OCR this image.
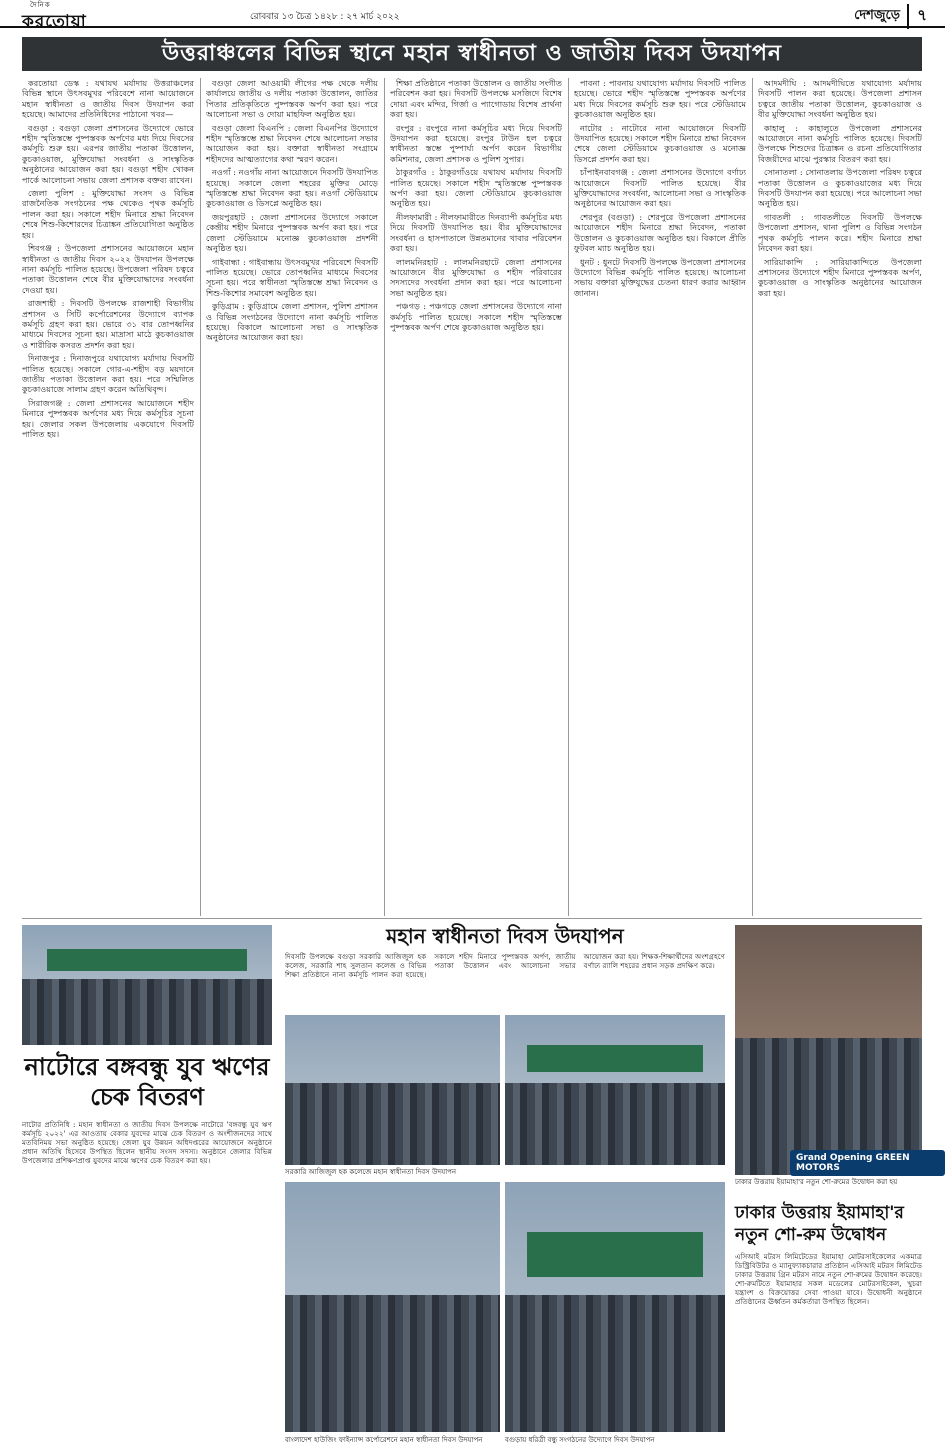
দৈনিক
করতোয়া	রোববার ১৩ চৈত্র ১৪২৮ : ২৭ মার্চ ২০২২	দেশজুড়ে	৭
উত্তরাঞ্চলের বিভিন্ন স্থানে মহান স্বাধীনতা ও জাতীয় দিবস উদযাপন

করতোয়া ডেস্ক : যথাযথ মর্যাদায় উত্তরাঞ্চলের বিভিন্ন স্থানে উৎসবমুখর পরিবেশে নানা আয়োজনে মহান স্বাধীনতা ও জাতীয় দিবস উদযাপন করা হয়েছে। আমাদের প্রতিনিধিদের পাঠানো খবর—

বগুড়া : বগুড়া জেলা প্রশাসনের উদ্যোগে ভোরে শহীদ স্মৃতিস্তম্ভে পুষ্পস্তবক অর্পণের মধ্য দিয়ে দিবসের কর্মসূচি শুরু হয়। এরপর জাতীয় পতাকা উত্তোলন, কুচকাওয়াজ, মুক্তিযোদ্ধা সংবর্ধনা ও সাংস্কৃতিক অনুষ্ঠানের আয়োজন করা হয়। বগুড়া শহীদ খোকন পার্কে আলোচনা সভায় জেলা প্রশাসক বক্তব্য রাখেন।

জেলা পুলিশ : মুক্তিযোদ্ধা সংসদ ও বিভিন্ন রাজনৈতিক সংগঠনের পক্ষ থেকেও পৃথক কর্মসূচি পালন করা হয়। সকালে শহীদ মিনারে শ্রদ্ধা নিবেদন শেষে শিশু-কিশোরদের চিত্রাঙ্কন প্রতিযোগিতা অনুষ্ঠিত হয়।

শিবগঞ্জ : উপজেলা প্রশাসনের আয়োজনে মহান স্বাধীনতা ও জাতীয় দিবস ২০২২ উদযাপন উপলক্ষে নানা কর্মসূচি পালিত হয়েছে। উপজেলা পরিষদ চত্বরে পতাকা উত্তোলন শেষে বীর মুক্তিযোদ্ধাদের সংবর্ধনা দেওয়া হয়।

রাজশাহী : দিবসটি উপলক্ষে রাজশাহী বিভাগীয় প্রশাসন ও সিটি কর্পোরেশনের উদ্যোগে ব্যাপক কর্মসূচি গ্রহণ করা হয়। ভোরে ৩১ বার তোপধ্বনির মাধ্যমে দিবসের সূচনা হয়। মাদ্রাসা মাঠে কুচকাওয়াজ ও শারীরিক কসরত প্রদর্শন করা হয়।

দিনাজপুর : দিনাজপুরে যথাযোগ্য মর্যাদায় দিবসটি পালিত হয়েছে। সকালে গোর-এ-শহীদ বড় ময়দানে জাতীয় পতাকা উত্তোলন করা হয়। পরে সম্মিলিত কুচকাওয়াজে সালাম গ্রহণ করেন অতিথিবৃন্দ।

সিরাজগঞ্জ : জেলা প্রশাসনের আয়োজনে শহীদ মিনারে পুষ্পস্তবক অর্পণের মধ্য দিয়ে কর্মসূচির সূচনা হয়। জেলার সকল উপজেলায় একযোগে দিবসটি পালিত হয়।

বগুড়া জেলা আওয়ামী লীগের পক্ষ থেকে দলীয় কার্যালয়ে জাতীয় ও দলীয় পতাকা উত্তোলন, জাতির পিতার প্রতিকৃতিতে পুষ্পস্তবক অর্পণ করা হয়। পরে আলোচনা সভা ও দোয়া মাহফিল অনুষ্ঠিত হয়।

বগুড়া জেলা বিএনপি : জেলা বিএনপির উদ্যোগে শহীদ স্মৃতিস্তম্ভে শ্রদ্ধা নিবেদন শেষে আলোচনা সভার আয়োজন করা হয়। বক্তারা স্বাধীনতা সংগ্রামে শহীদদের আত্মত্যাগের কথা স্মরণ করেন।

নওগাঁ : নওগাঁয় নানা আয়োজনে দিবসটি উদযাপিত হয়েছে। সকালে জেলা শহরের মুক্তির মোড়ে স্মৃতিস্তম্ভে শ্রদ্ধা নিবেদন করা হয়। নওগাঁ স্টেডিয়ামে কুচকাওয়াজ ও ডিসপ্লে অনুষ্ঠিত হয়।

জয়পুরহাট : জেলা প্রশাসনের উদ্যোগে সকালে কেন্দ্রীয় শহীদ মিনারে পুষ্পস্তবক অর্পণ করা হয়। পরে জেলা স্টেডিয়ামে মনোজ্ঞ কুচকাওয়াজ প্রদর্শনী অনুষ্ঠিত হয়।

গাইবান্ধা : গাইবান্ধায় উৎসবমুখর পরিবেশে দিবসটি পালিত হয়েছে। ভোরে তোপধ্বনির মাধ্যমে দিবসের সূচনা হয়। পরে স্বাধীনতা স্মৃতিস্তম্ভে শ্রদ্ধা নিবেদন ও শিশু-কিশোর সমাবেশ অনুষ্ঠিত হয়।

কুড়িগ্রাম : কুড়িগ্রামে জেলা প্রশাসন, পুলিশ প্রশাসন ও বিভিন্ন সংগঠনের উদ্যোগে নানা কর্মসূচি পালিত হয়েছে। বিকালে আলোচনা সভা ও সাংস্কৃতিক অনুষ্ঠানের আয়োজন করা হয়।

শিক্ষা প্রতিষ্ঠানে পতাকা উত্তোলন ও জাতীয় সংগীত পরিবেশন করা হয়। দিবসটি উপলক্ষে মসজিদে বিশেষ দোয়া এবং মন্দির, গির্জা ও প্যাগোডায় বিশেষ প্রার্থনা করা হয়।

রংপুর : রংপুরে নানা কর্মসূচির মধ্য দিয়ে দিবসটি উদযাপন করা হয়েছে। রংপুর টাউন হল চত্বরে স্বাধীনতা স্তম্ভে পুষ্পার্ঘ্য অর্পণ করেন বিভাগীয় কমিশনার, জেলা প্রশাসক ও পুলিশ সুপার।

ঠাকুরগাঁও : ঠাকুরগাঁওয়ে যথাযথ মর্যাদায় দিবসটি পালিত হয়েছে। সকালে শহীদ স্মৃতিস্তম্ভে পুষ্পস্তবক অর্পণ করা হয়। জেলা স্টেডিয়ামে কুচকাওয়াজ অনুষ্ঠিত হয়।

নীলফামারী : নীলফামারীতে দিনব্যাপী কর্মসূচির মধ্য দিয়ে দিবসটি উদযাপিত হয়। বীর মুক্তিযোদ্ধাদের সংবর্ধনা ও হাসপাতালে উন্নতমানের খাবার পরিবেশন করা হয়।

লালমনিরহাট : লালমনিরহাটে জেলা প্রশাসনের আয়োজনে বীর মুক্তিযোদ্ধা ও শহীদ পরিবারের সদস্যদের সংবর্ধনা প্রদান করা হয়। পরে আলোচনা সভা অনুষ্ঠিত হয়।

পঞ্চগড় : পঞ্চগড়ে জেলা প্রশাসনের উদ্যোগে নানা কর্মসূচি পালিত হয়েছে। সকালে শহীদ স্মৃতিস্তম্ভে পুষ্পস্তবক অর্পণ শেষে কুচকাওয়াজ অনুষ্ঠিত হয়।

পাবনা : পাবনায় যথাযোগ্য মর্যাদায় দিবসটি পালিত হয়েছে। ভোরে শহীদ স্মৃতিস্তম্ভে পুষ্পস্তবক অর্পণের মধ্য দিয়ে দিবসের কর্মসূচি শুরু হয়। পরে স্টেডিয়ামে কুচকাওয়াজ অনুষ্ঠিত হয়।

নাটোর : নাটোরে নানা আয়োজনে দিবসটি উদযাপিত হয়েছে। সকালে শহীদ মিনারে শ্রদ্ধা নিবেদন শেষে জেলা স্টেডিয়ামে কুচকাওয়াজ ও মনোজ্ঞ ডিসপ্লে প্রদর্শন করা হয়।

চাঁপাইনবাবগঞ্জ : জেলা প্রশাসনের উদ্যোগে বর্ণাঢ্য আয়োজনে দিবসটি পালিত হয়েছে। বীর মুক্তিযোদ্ধাদের সংবর্ধনা, আলোচনা সভা ও সাংস্কৃতিক অনুষ্ঠানের আয়োজন করা হয়।

শেরপুর (বগুড়া) : শেরপুরে উপজেলা প্রশাসনের আয়োজনে শহীদ মিনারে শ্রদ্ধা নিবেদন, পতাকা উত্তোলন ও কুচকাওয়াজ অনুষ্ঠিত হয়। বিকালে প্রীতি ফুটবল ম্যাচ অনুষ্ঠিত হয়।

ধুনট : ধুনটে দিবসটি উপলক্ষে উপজেলা প্রশাসনের উদ্যোগে বিভিন্ন কর্মসূচি পালিত হয়েছে। আলোচনা সভায় বক্তারা মুক্তিযুদ্ধের চেতনা ধারণ করার আহ্বান জানান।

আদমদীঘি : আদমদীঘিতে যথাযোগ্য মর্যাদায় দিবসটি পালন করা হয়েছে। উপজেলা প্রশাসন চত্বরে জাতীয় পতাকা উত্তোলন, কুচকাওয়াজ ও বীর মুক্তিযোদ্ধা সংবর্ধনা অনুষ্ঠিত হয়।

কাহালু : কাহালুতে উপজেলা প্রশাসনের আয়োজনে নানা কর্মসূচি পালিত হয়েছে। দিবসটি উপলক্ষে শিশুদের চিত্রাঙ্কন ও রচনা প্রতিযোগিতার বিজয়ীদের মাঝে পুরস্কার বিতরণ করা হয়।

সোনাতলা : সোনাতলায় উপজেলা পরিষদ চত্বরে পতাকা উত্তোলন ও কুচকাওয়াজের মধ্য দিয়ে দিবসটি উদযাপন করা হয়েছে। পরে আলোচনা সভা অনুষ্ঠিত হয়।

গাবতলী : গাবতলীতে দিবসটি উপলক্ষে উপজেলা প্রশাসন, থানা পুলিশ ও বিভিন্ন সংগঠন পৃথক কর্মসূচি পালন করে। শহীদ মিনারে শ্রদ্ধা নিবেদন করা হয়।

সারিয়াকান্দি : সারিয়াকান্দিতে উপজেলা প্রশাসনের উদ্যোগে শহীদ মিনারে পুষ্পস্তবক অর্পণ, কুচকাওয়াজ ও সাংস্কৃতিক অনুষ্ঠানের আয়োজন করা হয়।

নাটোরে বঙ্গবন্ধু যুব ঋণের চেক বিতরণ

নাটোর প্রতিনিধি : মহান স্বাধীনতা ও জাতীয় দিবস উপলক্ষে নাটোরে 'বঙ্গবন্ধু যুব ঋণ কর্মসূচি ২০২২' এর আওতায় বেকার যুবদের মাঝে চেক বিতরণ ও অংশীজনদের সাথে মতবিনিময় সভা অনুষ্ঠিত হয়েছে। জেলা যুব উন্নয়ন অধিদপ্তরের আয়োজনে অনুষ্ঠানে প্রধান অতিথি হিসেবে উপস্থিত ছিলেন স্থানীয় সংসদ সদস্য। অনুষ্ঠানে জেলার বিভিন্ন উপজেলার প্রশিক্ষণপ্রাপ্ত যুবদের মাঝে ঋণের চেক বিতরণ করা হয়।

মহান স্বাধীনতা দিবস উদযাপন

দিবসটি উপলক্ষে বগুড়া সরকারি আজিজুল হক কলেজ, সরকারি শাহ সুলতান কলেজ ও বিভিন্ন শিক্ষা প্রতিষ্ঠানে নানা কর্মসূচি পালন করা হয়েছে। সকালে শহীদ মিনারে পুষ্পস্তবক অর্পণ, জাতীয় পতাকা উত্তোলন এবং আলোচনা সভার আয়োজন করা হয়। শিক্ষক-শিক্ষার্থীদের অংশগ্রহণে বর্ণাঢ্য র‍্যালি শহরের প্রধান সড়ক প্রদক্ষিণ করে।

সরকারি আজিজুল হক কলেজে মহান স্বাধীনতা দিবস উদযাপন
বাংলাদেশ হাউজিং ফাইন্যান্স কর্পোরেশনে মহান স্বাধীনতা দিবস উদযাপন	বগুড়ায় ধরিত্রী বন্ধু সংগঠনের উদ্যোগে দিবস উদযাপন
Grand Opening GREEN MOTORS
ঢাকার উত্তরায় ইয়ামাহা'র নতুন শো-রুমের উদ্বোধন করা হয়
ঢাকার উত্তরায় ইয়ামাহা'র নতুন শো-রুম উদ্বোধন

এসিআই মটরস লিমিটেডের ইয়ামাহা মোটরসাইকেলের একমাত্র ডিস্ট্রিবিউটর ও ম্যানুফ্যাকচারার প্রতিষ্ঠান এসিআই মটরস লিমিটেড ঢাকার উত্তরায় গ্রিন মটরস নামে নতুন শো-রুমের উদ্বোধন করেছে। শো-রুমটিতে ইয়ামাহার সকল মডেলের মোটরসাইকেল, খুচরা যন্ত্রাংশ ও বিক্রয়োত্তর সেবা পাওয়া যাবে। উদ্বোধনী অনুষ্ঠানে প্রতিষ্ঠানের ঊর্ধ্বতন কর্মকর্তারা উপস্থিত ছিলেন।
